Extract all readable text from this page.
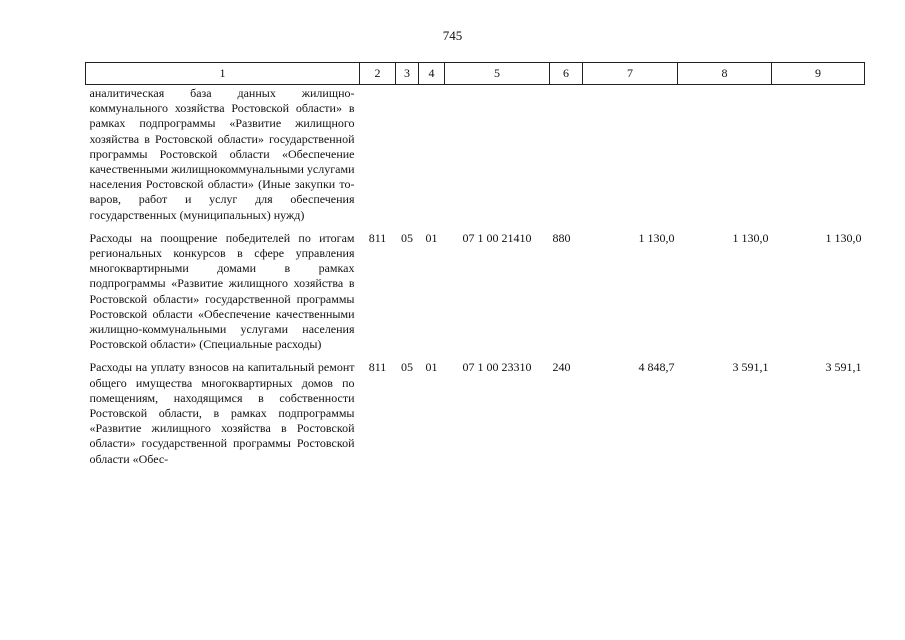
745
1	2	3	4	5	6	7	8	9
аналитическая база данных жилищнокоммунального хозяйства Ростовской области» в рамках подпрограммы «Развитие жилищного хозяйства в Ростовской области» государственной программы Ростовской области «Обеспечение качественными жилищнокоммунальными услугами населения Ростовской области» (Иные закупки товаров, работ и услуг для обеспечения государственных (муниципальных) нужд)								
Расходы на поощрение победителей по итогам региональных конкурсов в сфере управления многоквартирными домами в рамках подпрограммы «Развитие жилищного хозяйства в Ростовской области» государственной программы Ростовской области «Обеспечение качественными жилищно-коммунальными услугами населения Ростовской области» (Специальные расходы)	811	05	01	07 1 00 21410	880	1 130,0	1 130,0	1 130,0
Расходы на уплату взносов на капитальный ремонт общего имущества многоквартирных домов по помещениям, находящимся в собственности Ростовской области, в рамках подпрограммы «Развитие жилищного хозяйства в Ростовской области» государственной программы Ростовской области «Обес-	811	05	01	07 1 00 23310	240	4 848,7	3 591,1	3 591,1
